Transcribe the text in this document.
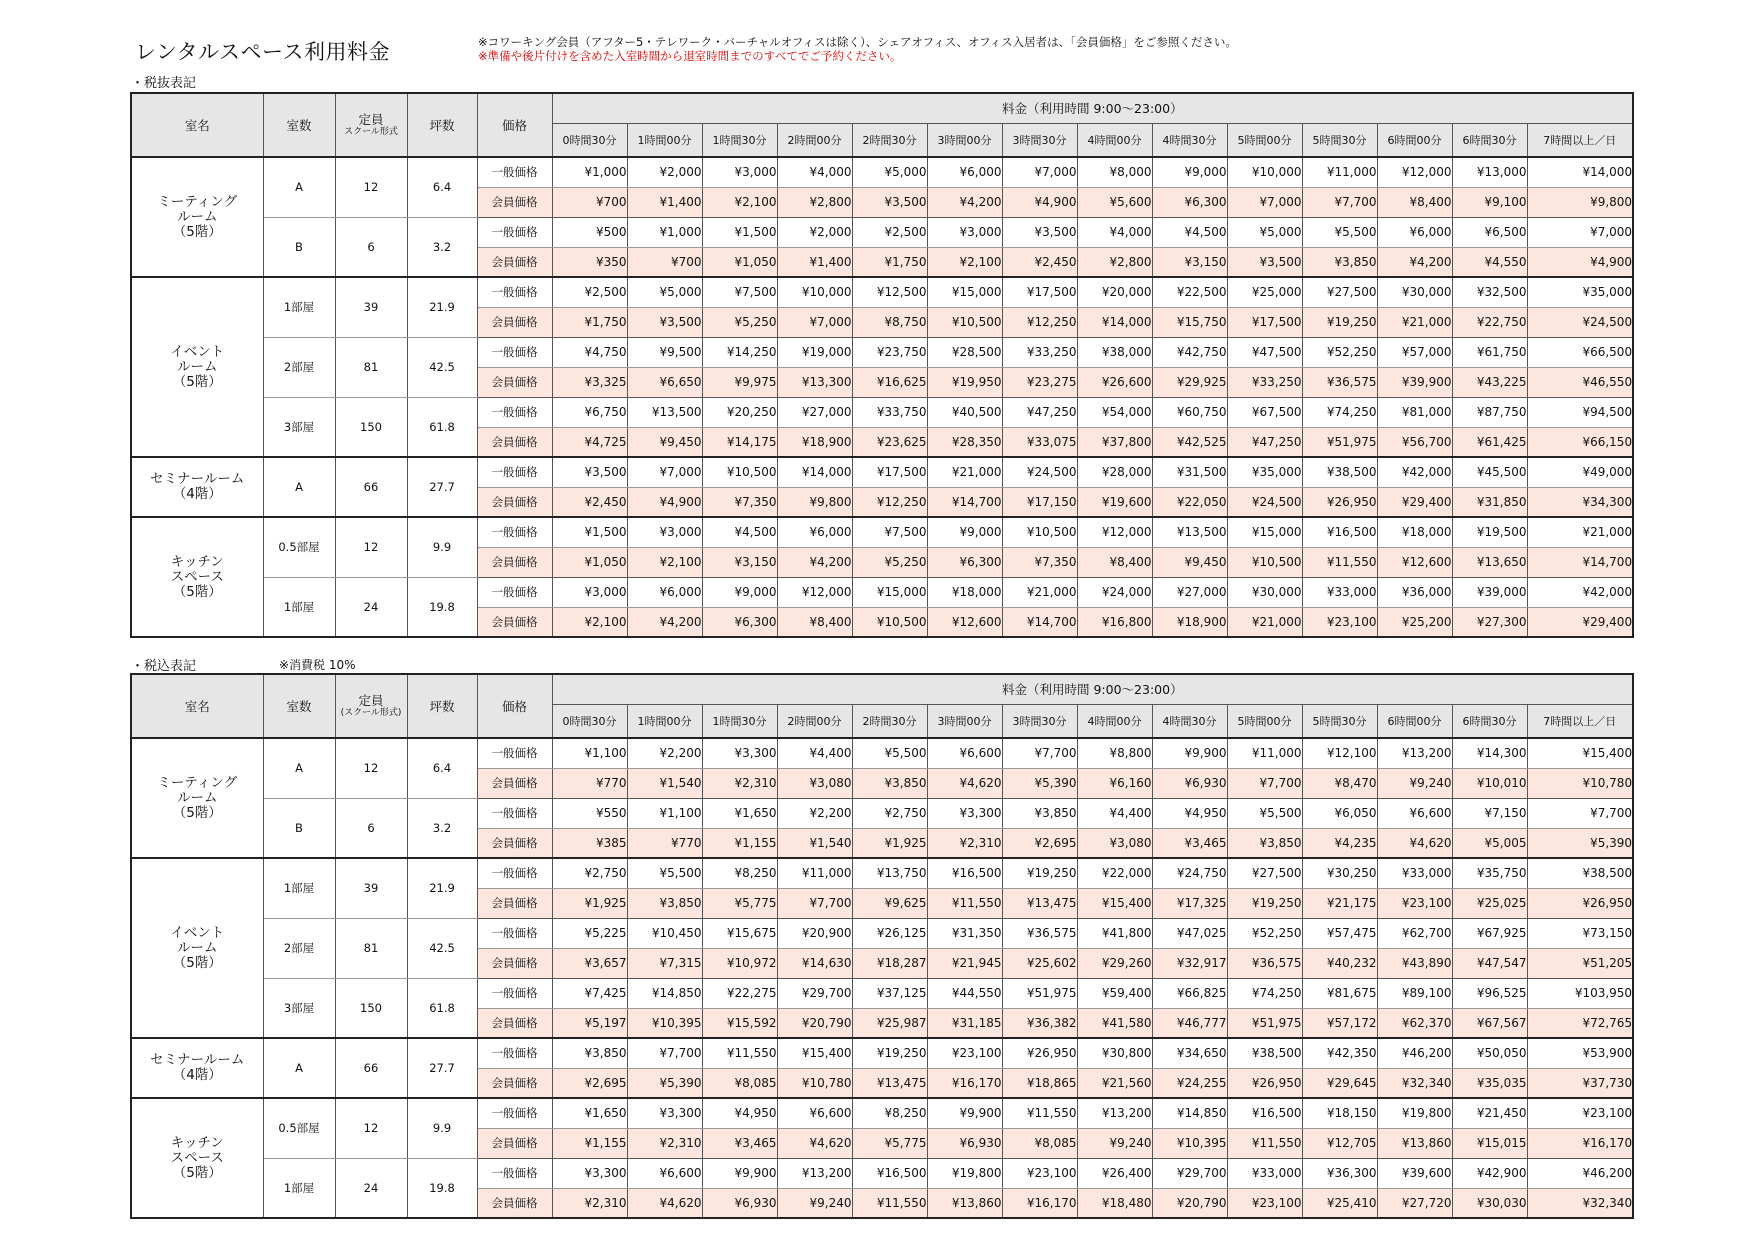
レンタルスペース利用料金	※コワーキング会員（アフター5・テレワーク・バーチャルオフィスは除く）、シェアオフィス、オフィス入居者は、「会員価格」をご参照ください。
※準備や後片付けを含めた入室時間から退室時間までのすべてでご予約ください。
・税抜表記
室名	室数	定員
スクール形式	坪数	価格	料金（利用時間 9:00～23:00）													
					0時間30分	1時間00分	1時間30分	2時間00分	2時間30分	3時間00分	3時間30分	4時間00分	4時間30分	5時間00分	5時間30分	6時間00分	6時間30分	7時間以上／日

ミーティング
ルーム
（5階）	A	12	6.4	一般価格	¥1,000	¥2,000	¥3,000	¥4,000	¥5,000	¥6,000	¥7,000	¥8,000	¥9,000	¥10,000	¥11,000	¥12,000	¥13,000	¥14,000
				会員価格	¥700	¥1,400	¥2,100	¥2,800	¥3,500	¥4,200	¥4,900	¥5,600	¥6,300	¥7,000	¥7,700	¥8,400	¥9,100	¥9,800
	B	6	3.2	一般価格	¥500	¥1,000	¥1,500	¥2,000	¥2,500	¥3,000	¥3,500	¥4,000	¥4,500	¥5,000	¥5,500	¥6,000	¥6,500	¥7,000
				会員価格	¥350	¥700	¥1,050	¥1,400	¥1,750	¥2,100	¥2,450	¥2,800	¥3,150	¥3,500	¥3,850	¥4,200	¥4,550	¥4,900

イベント
ルーム
（5階）	1部屋	39	21.9	一般価格	¥2,500	¥5,000	¥7,500	¥10,000	¥12,500	¥15,000	¥17,500	¥20,000	¥22,500	¥25,000	¥27,500	¥30,000	¥32,500	¥35,000
				会員価格	¥1,750	¥3,500	¥5,250	¥7,000	¥8,750	¥10,500	¥12,250	¥14,000	¥15,750	¥17,500	¥19,250	¥21,000	¥22,750	¥24,500
	2部屋	81	42.5	一般価格	¥4,750	¥9,500	¥14,250	¥19,000	¥23,750	¥28,500	¥33,250	¥38,000	¥42,750	¥47,500	¥52,250	¥57,000	¥61,750	¥66,500
				会員価格	¥3,325	¥6,650	¥9,975	¥13,300	¥16,625	¥19,950	¥23,275	¥26,600	¥29,925	¥33,250	¥36,575	¥39,900	¥43,225	¥46,550
	3部屋	150	61.8	一般価格	¥6,750	¥13,500	¥20,250	¥27,000	¥33,750	¥40,500	¥47,250	¥54,000	¥60,750	¥67,500	¥74,250	¥81,000	¥87,750	¥94,500
				会員価格	¥4,725	¥9,450	¥14,175	¥18,900	¥23,625	¥28,350	¥33,075	¥37,800	¥42,525	¥47,250	¥51,975	¥56,700	¥61,425	¥66,150

セミナールーム
（4階）	A	66	27.7	一般価格	¥3,500	¥7,000	¥10,500	¥14,000	¥17,500	¥21,000	¥24,500	¥28,000	¥31,500	¥35,000	¥38,500	¥42,000	¥45,500	¥49,000
				会員価格	¥2,450	¥4,900	¥7,350	¥9,800	¥12,250	¥14,700	¥17,150	¥19,600	¥22,050	¥24,500	¥26,950	¥29,400	¥31,850	¥34,300

キッチン
スペース
（5階）	0.5部屋	12	9.9	一般価格	¥1,500	¥3,000	¥4,500	¥6,000	¥7,500	¥9,000	¥10,500	¥12,000	¥13,500	¥15,000	¥16,500	¥18,000	¥19,500	¥21,000
				会員価格	¥1,050	¥2,100	¥3,150	¥4,200	¥5,250	¥6,300	¥7,350	¥8,400	¥9,450	¥10,500	¥11,550	¥12,600	¥13,650	¥14,700
	1部屋	24	19.8	一般価格	¥3,000	¥6,000	¥9,000	¥12,000	¥15,000	¥18,000	¥21,000	¥24,000	¥27,000	¥30,000	¥33,000	¥36,000	¥39,000	¥42,000
				会員価格	¥2,100	¥4,200	¥6,300	¥8,400	¥10,500	¥12,600	¥14,700	¥16,800	¥18,900	¥21,000	¥23,100	¥25,200	¥27,300	¥29,400
・税込表記	※消費税 10%
室名	室数	定員
(スクール形式)	坪数	価格	料金（利用時間 9:00～23:00）													
					0時間30分	1時間00分	1時間30分	2時間00分	2時間30分	3時間00分	3時間30分	4時間00分	4時間30分	5時間00分	5時間30分	6時間00分	6時間30分	7時間以上／日

ミーティング
ルーム
（5階）	A	12	6.4	一般価格	¥1,100	¥2,200	¥3,300	¥4,400	¥5,500	¥6,600	¥7,700	¥8,800	¥9,900	¥11,000	¥12,100	¥13,200	¥14,300	¥15,400
				会員価格	¥770	¥1,540	¥2,310	¥3,080	¥3,850	¥4,620	¥5,390	¥6,160	¥6,930	¥7,700	¥8,470	¥9,240	¥10,010	¥10,780
	B	6	3.2	一般価格	¥550	¥1,100	¥1,650	¥2,200	¥2,750	¥3,300	¥3,850	¥4,400	¥4,950	¥5,500	¥6,050	¥6,600	¥7,150	¥7,700
				会員価格	¥385	¥770	¥1,155	¥1,540	¥1,925	¥2,310	¥2,695	¥3,080	¥3,465	¥3,850	¥4,235	¥4,620	¥5,005	¥5,390

イベント
ルーム
（5階）	1部屋	39	21.9	一般価格	¥2,750	¥5,500	¥8,250	¥11,000	¥13,750	¥16,500	¥19,250	¥22,000	¥24,750	¥27,500	¥30,250	¥33,000	¥35,750	¥38,500
				会員価格	¥1,925	¥3,850	¥5,775	¥7,700	¥9,625	¥11,550	¥13,475	¥15,400	¥17,325	¥19,250	¥21,175	¥23,100	¥25,025	¥26,950
	2部屋	81	42.5	一般価格	¥5,225	¥10,450	¥15,675	¥20,900	¥26,125	¥31,350	¥36,575	¥41,800	¥47,025	¥52,250	¥57,475	¥62,700	¥67,925	¥73,150
				会員価格	¥3,657	¥7,315	¥10,972	¥14,630	¥18,287	¥21,945	¥25,602	¥29,260	¥32,917	¥36,575	¥40,232	¥43,890	¥47,547	¥51,205
	3部屋	150	61.8	一般価格	¥7,425	¥14,850	¥22,275	¥29,700	¥37,125	¥44,550	¥51,975	¥59,400	¥66,825	¥74,250	¥81,675	¥89,100	¥96,525	¥103,950
				会員価格	¥5,197	¥10,395	¥15,592	¥20,790	¥25,987	¥31,185	¥36,382	¥41,580	¥46,777	¥51,975	¥57,172	¥62,370	¥67,567	¥72,765

セミナールーム
（4階）	A	66	27.7	一般価格	¥3,850	¥7,700	¥11,550	¥15,400	¥19,250	¥23,100	¥26,950	¥30,800	¥34,650	¥38,500	¥42,350	¥46,200	¥50,050	¥53,900
				会員価格	¥2,695	¥5,390	¥8,085	¥10,780	¥13,475	¥16,170	¥18,865	¥21,560	¥24,255	¥26,950	¥29,645	¥32,340	¥35,035	¥37,730

キッチン
スペース
（5階）	0.5部屋	12	9.9	一般価格	¥1,650	¥3,300	¥4,950	¥6,600	¥8,250	¥9,900	¥11,550	¥13,200	¥14,850	¥16,500	¥18,150	¥19,800	¥21,450	¥23,100
				会員価格	¥1,155	¥2,310	¥3,465	¥4,620	¥5,775	¥6,930	¥8,085	¥9,240	¥10,395	¥11,550	¥12,705	¥13,860	¥15,015	¥16,170
	1部屋	24	19.8	一般価格	¥3,300	¥6,600	¥9,900	¥13,200	¥16,500	¥19,800	¥23,100	¥26,400	¥29,700	¥33,000	¥36,300	¥39,600	¥42,900	¥46,200
				会員価格	¥2,310	¥4,620	¥6,930	¥9,240	¥11,550	¥13,860	¥16,170	¥18,480	¥20,790	¥23,100	¥25,410	¥27,720	¥30,030	¥32,340
